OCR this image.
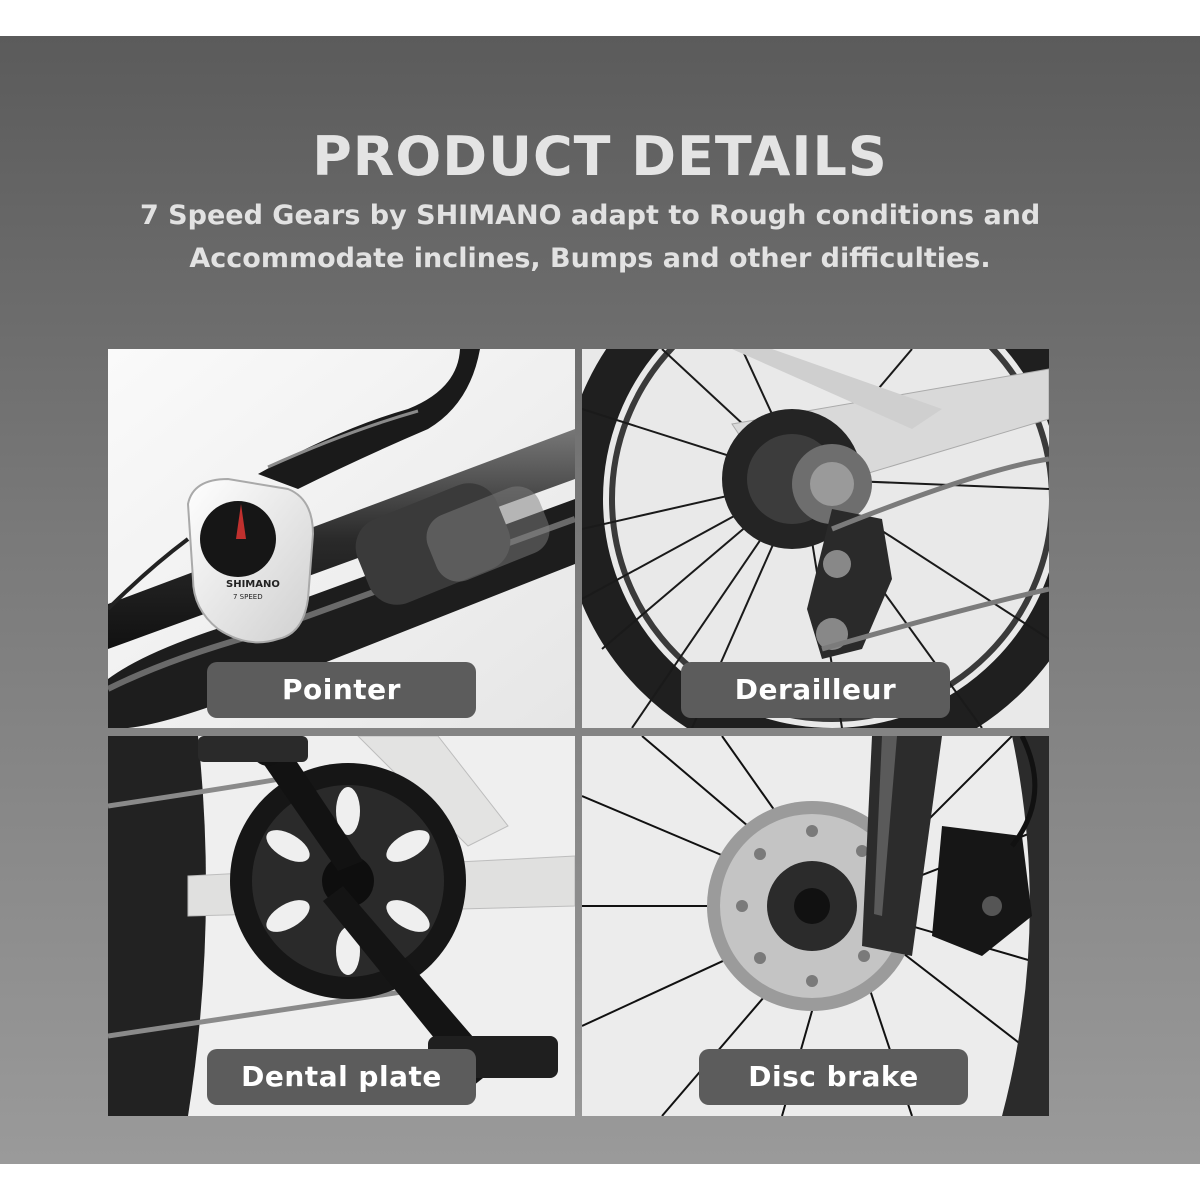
PRODUCT DETAILS

7 Speed Gears by SHIMANO adapt to Rough conditions and
Accommodate inclines, Bumps and other difficulties.

SHIMANO
7 SPEED
Pointer	Derailleur
Dental plate	Disc brake
